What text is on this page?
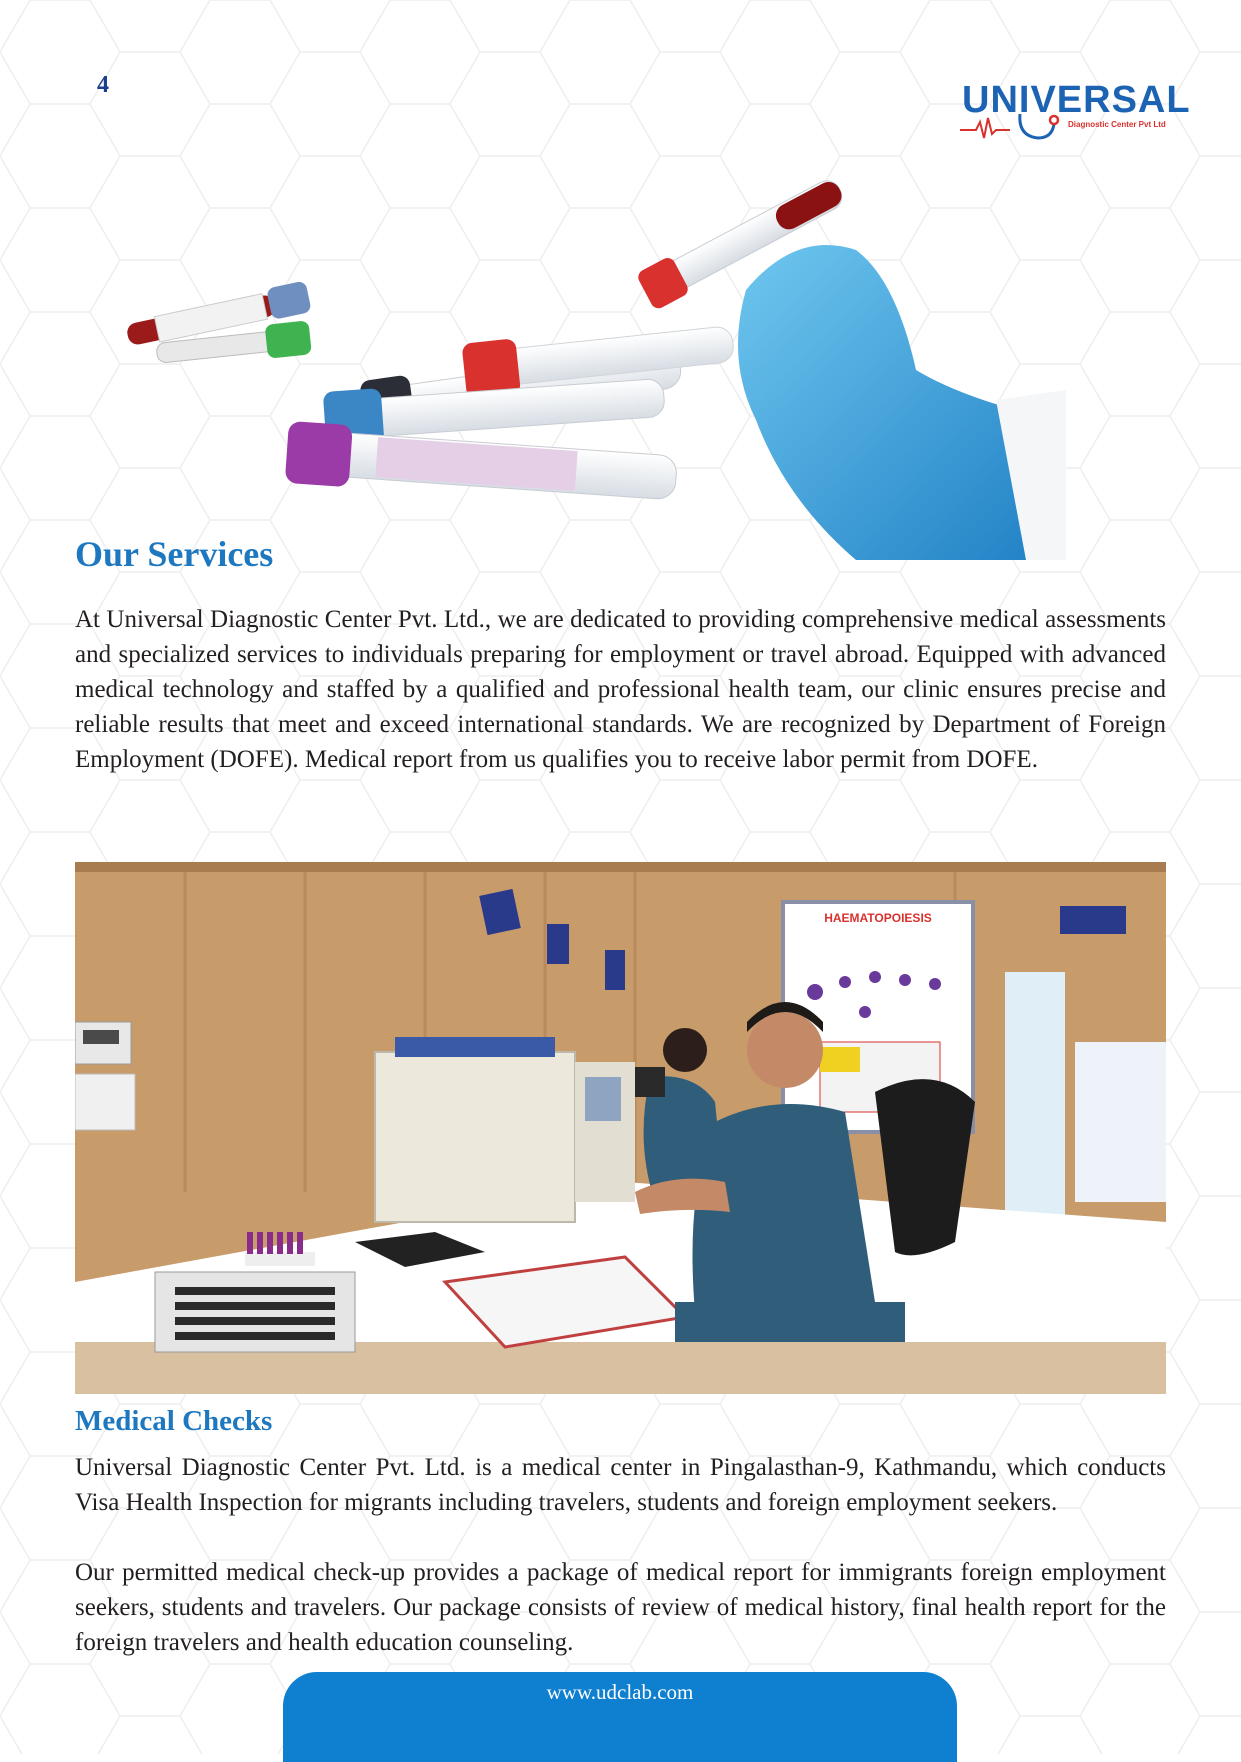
4	UNIVERSAL
Diagnostic Center Pvt Ltd
Our Services

At Universal Diagnostic Center Pvt. Ltd., we are dedicated to providing comprehensive medical assessments and specialized services to individuals preparing for employment or travel abroad. Equipped with advanced medical technology and staffed by a qualified and professional health team, our clinic ensures precise and reliable results that meet and exceed international standards. We are recognized by Department of Foreign Employment (DOFE). Medical report from us qualifies you to receive labor permit from DOFE.

HAEMATOPOIESIS
Medical Checks

Universal Diagnostic Center Pvt. Ltd. is a medical center in Pingalasthan-9, Kathmandu, which conducts Visa Health Inspection for migrants including travelers, students and foreign employment seekers.

Our permitted medical check-up provides a package of medical report for immigrants foreign employment seekers, students and travelers. Our package consists of review of medical history, final health report for the foreign travelers and health education counseling.

www.udclab.com
